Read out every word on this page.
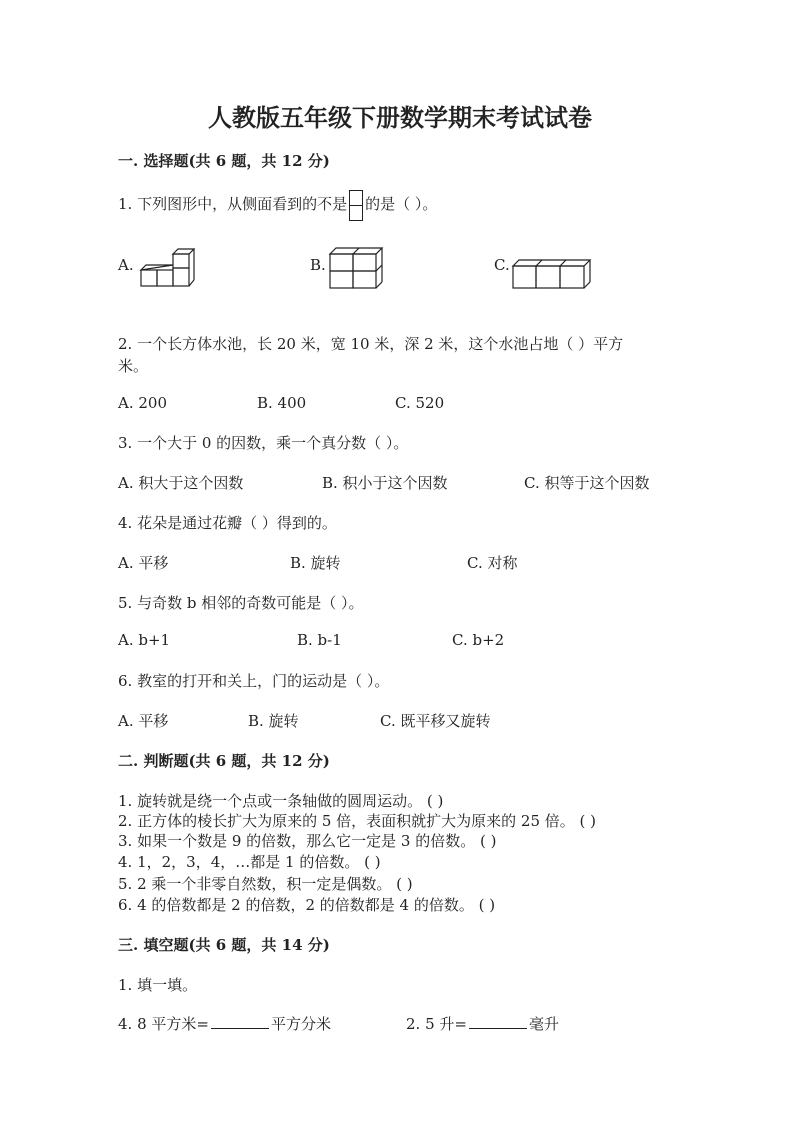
人教版五年级下册数学期末考试试卷
一. 选择题(共 6 题，共 12 分)
1. 下列图形中，从侧面看到的不是 的是（ ）。
A.	B.	C.
2. 一个长方体水池，长 20 米，宽 10 米，深 2 米，这个水池占地（ ）平方
米。
A. 200	B. 400	C. 520
3. 一个大于 0 的因数，乘一个真分数（ ）。
A. 积大于这个因数	B. 积小于这个因数	C. 积等于这个因数
4. 花朵是通过花瓣（ ）得到的。
A. 平移	B. 旋转	C. 对称
5. 与奇数 b 相邻的奇数可能是（ ）。
A. b+1	B. b-1	C. b+2
6. 教室的打开和关上，门的运动是（ ）。
A. 平移	B. 旋转	C. 既平移又旋转
二. 判断题(共 6 题，共 12 分)
1. 旋转就是绕一个点或一条轴做的圆周运动。 ( )
2. 正方体的棱长扩大为原来的 5 倍，表面积就扩大为原来的 25 倍。 ( )
3. 如果一个数是 9 的倍数，那么它一定是 3 的倍数。 ( )
4. 1，2，3，4，…都是 1 的倍数。 ( )
5. 2 乘一个非零自然数，积一定是偶数。 ( )
6. 4 的倍数都是 2 的倍数，2 的倍数都是 4 的倍数。 ( )
三. 填空题(共 6 题，共 14 分)
1. 填一填。
4. 8 平方米=	平方分米	2. 5 升=	毫升
